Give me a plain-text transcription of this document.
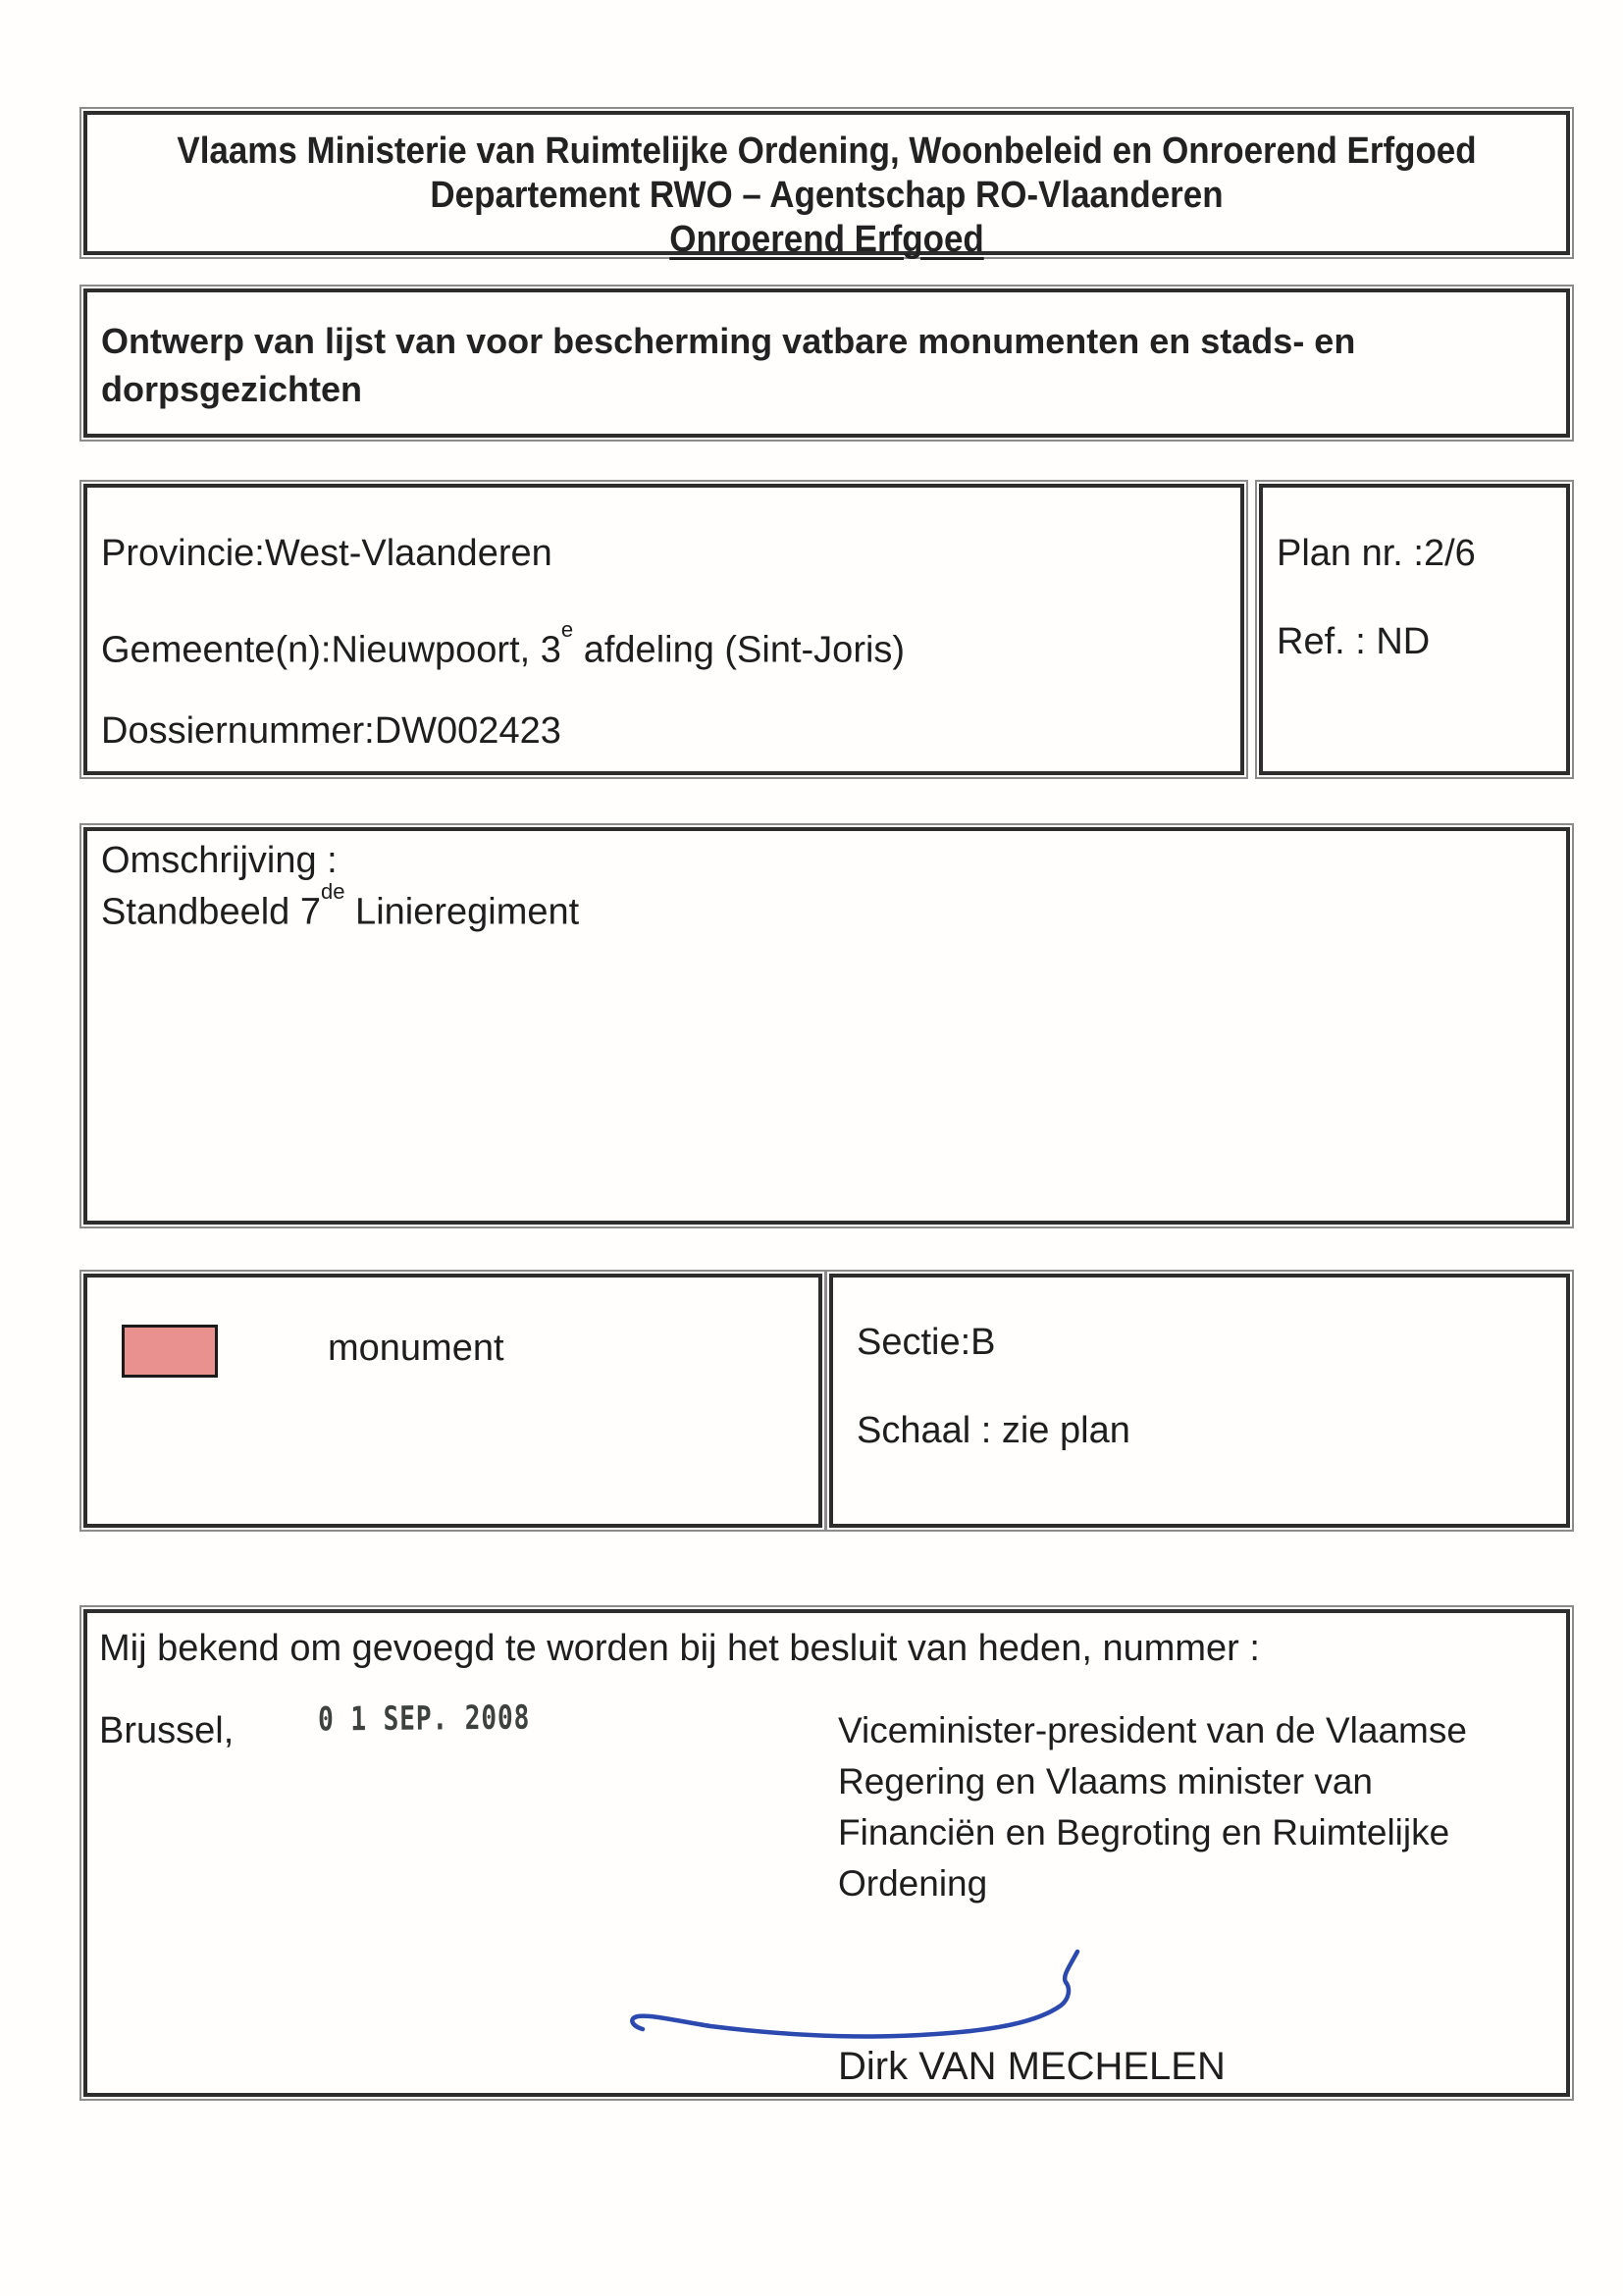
Vlaams Ministerie van Ruimtelijke Ordening, Woonbeleid en Onroerend Erfgoed
Departement RWO – Agentschap RO-Vlaanderen
Onroerend Erfgoed
Ontwerp van lijst van voor bescherming vatbare monumenten en stads- en dorpsgezichten
Provincie:West-Vlaanderen
Gemeente(n):Nieuwpoort, 3e afdeling (Sint-Joris)
Dossiernummer:DW002423
Plan nr. :2/6
Ref. : ND
Omschrijving :
Standbeeld 7de Linieregiment
monument	Sectie:B
Schaal : zie plan
Mij bekend om gevoegd te worden bij het besluit van heden, nummer :
Brussel,	0 1 SEP. 2008	Viceminister-president van de Vlaamse
Regering en Vlaams minister van
Financiën en Begroting en Ruimtelijke
Ordening
Dirk VAN MECHELEN
